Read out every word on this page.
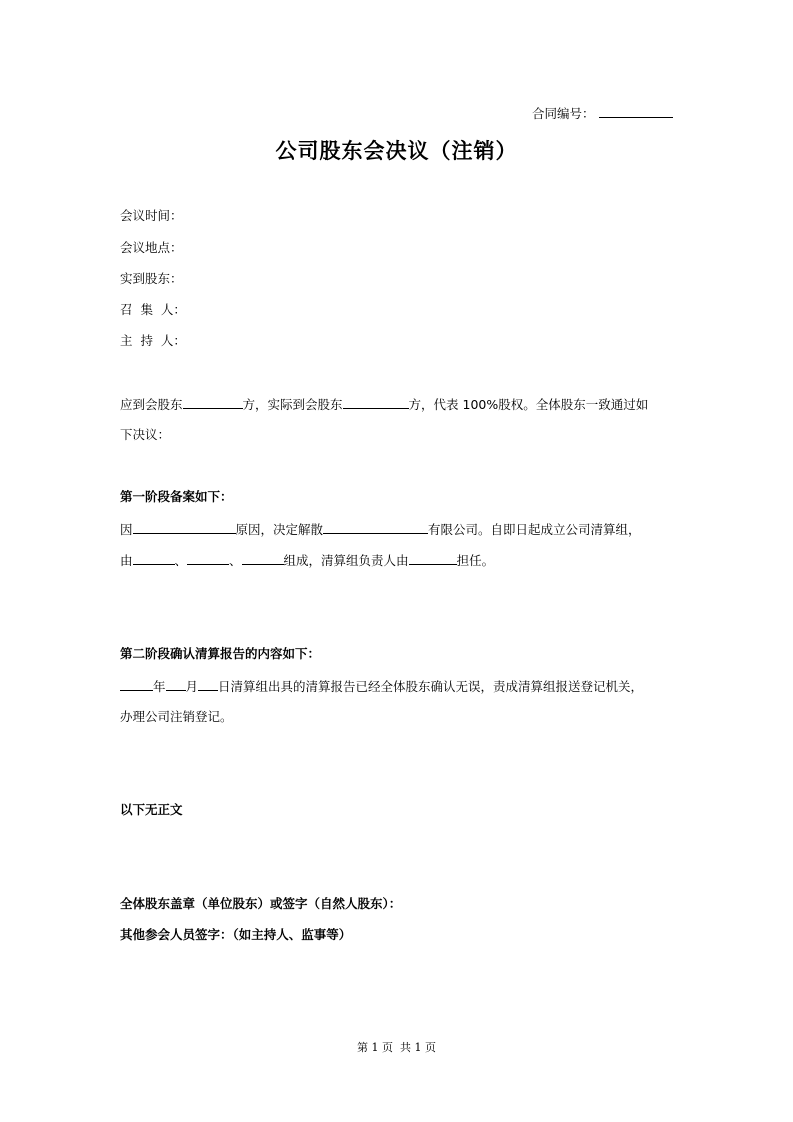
合同编号：
公司股东会决议（注销）
会议时间：
会议地点：
实到股东：
召  集  人：
主  持  人：
应到会股东	方，实际到会股东	方，代表 100%股权。全体股东一致通过如
下决议：
第一阶段备案如下：
因	原因，决定解散	有限公司。自即日起成立公司清算组，
由	、	、	组成，清算组负责人由	担任。
第二阶段确认清算报告的内容如下：
年 月 日清算组出具的清算报告已经全体股东确认无误，责成清算组报送登记机关，
办理公司注销登记。
以下无正文
全体股东盖章（单位股东）或签字（自然人股东）：
其他参会人员签字：（如主持人、监事等）
第 1 页  共 1 页
